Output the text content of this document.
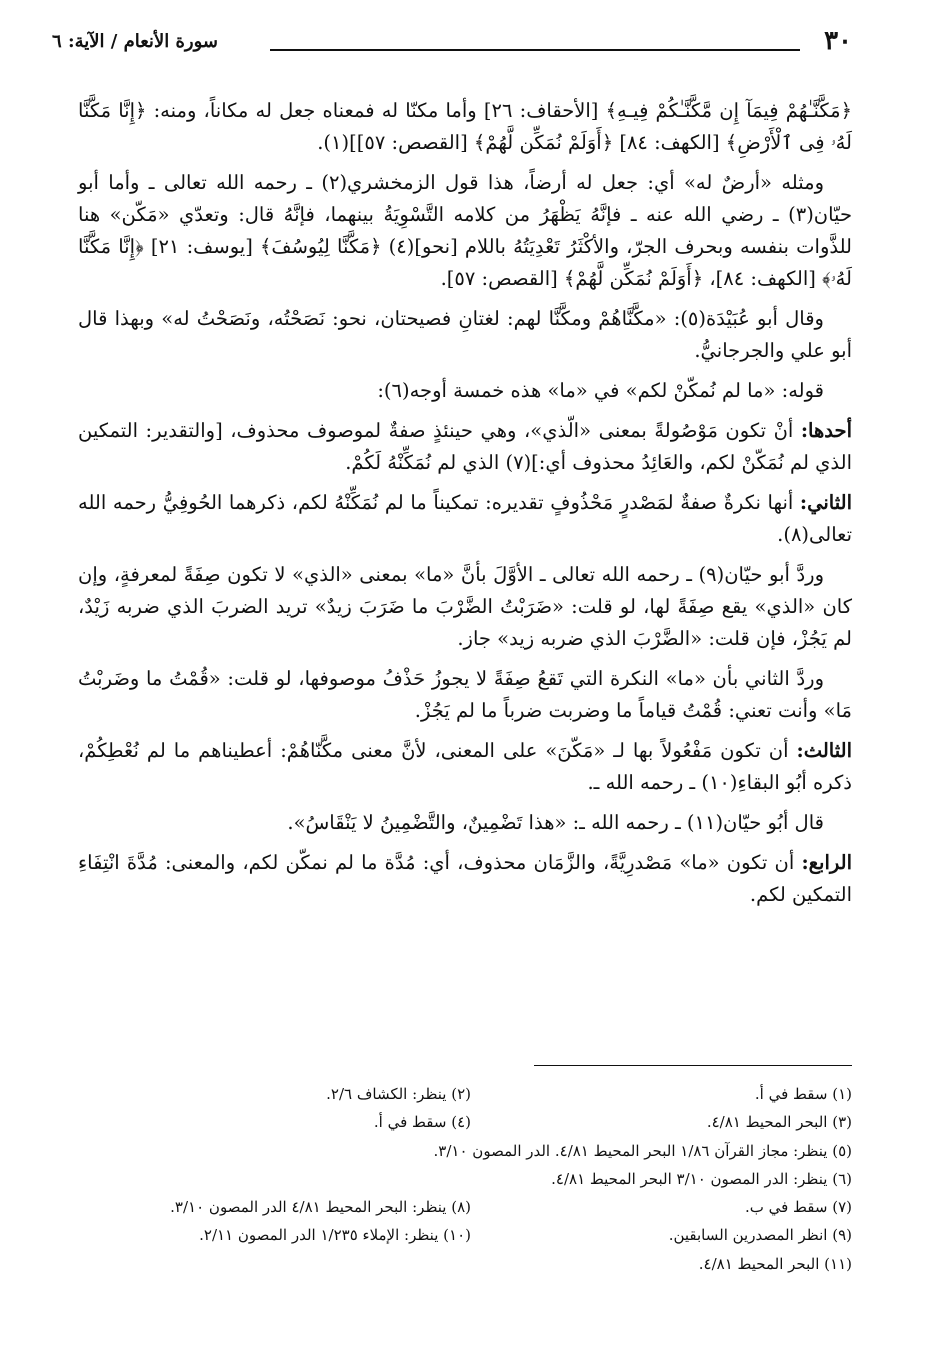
٣٠
سورة الأنعام / الآية: ٦

﴿مَكَّنَّـٰهُمْ فِيمَآ إِن مَّكَّنَّـٰكُمْ فِيـهِ﴾ [الأحقاف: ٢٦] وأما مكنّا له فمعناه جعل له مكاناً، ومنه: ﴿إِنَّا مَكَّنَّا لَهُۥ فِى ٱلْأَرْضِ﴾ [الكهف: ٨٤] ﴿أَوَلَمْ نُمَكِّن لَّهُمْ﴾ [القصص: ٥٧]](١).

ومثله «أرضٌ له» أي: جعل له أرضاً، هذا قول الزمخشري(٢) ـ رحمه الله تعالى ـ وأما أبو حيّان(٣) ـ رضي الله عنه ـ فإنَّهُ يَظْهَرُ من كلامه التَّسْوِيَةُ بينهما، فإنَّهُ قال: وتعدّي «مَكّن» هنا للذَّوات بنفسه وبحرف الجرّ، والأكْثَرُ تَعْدِيَتُهُ باللام [نحو](٤) ﴿مَكَّنَّا لِيُوسُفَ﴾ [يوسف: ٢١] ﴿إِنَّا مَكَّنَّا لَهُۥ﴾ [الكهف: ٨٤]، ﴿أَوَلَمْ نُمَكِّن لَّهُمْ﴾ [القصص: ٥٧].

وقال أبو عُبَيْدَة(٥): «مكَّنَّاهُمْ ومكَّنَّا لهم: لغتانِ فصيحتان، نحو: نَصَحْتُه، ونَصَحْتُ له» وبهذا قال أبو علي والجرجانيُّ.

قوله: «ما لم نُمكّنْ لكم» في «ما» هذه خمسة أوجه(٦):

أحدها: أنْ تكون مَوْصُولةً بمعنى «الّذي»، وهي حينئذٍ صفةٌ لموصوف محذوف، [والتقدير: التمكين الذي لم نُمَكّنْ لكم، والعَائِدُ محذوف أي:](٧) الذي لم نُمَكِّنْهُ لَكُمْ.

الثاني: أنها نكرةٌ صفةٌ لمَصْدرٍ مَحْذُوفٍ تقديره: تمكيناً ما لم نُمَكِّنْهُ لكم، ذكرهما الحُوفِيُّ رحمه الله تعالى(٨).

وردَّ أبو حيّان(٩) ـ رحمه الله تعالى ـ الأوَّلَ بأنَّ «ما» بمعنى «الذي» لا تكون صِفَةً لمعرفةٍ، وإن كان «الذي» يقع صِفَةً لها، لو قلت: «ضَرَبْتُ الضَّرْبَ ما ضَرَبَ زيدٌ» تريد الضربَ الذي ضربه زَيْدٌ، لم يَجُزْ، فإن قلت: «الضَّرْبَ الذي ضربه زيد» جاز.

وردَّ الثاني بأن «ما» النكرة التي تَقعُ صِفَةً لا يجوزُ حَذْفُ موصوفها، لو قلت: «قُمْتُ ما وضَربْتُ مَا» وأنت تعني: قُمْتُ قياماً ما وضربت ضرباً ما لم يَجُزْ.

الثالث: أن تكون مَفْعُولاً بها لـ «مَكّنَ» على المعنى، لأنَّ معنى مكَّنّاهُمْ: أعطيناهم ما لم نُعْطِكُمْ، ذكره أبُو البقاءِ(١٠) ـ رحمه الله ـ.

قال أبُو حيّان(١١) ـ رحمه الله ـ: «هذا تَضْمِينٌ، والتَّضْمِينُ لا يَنْقَاسُ».

الرابع: أن تكون «ما» مَصْدرِيَّةً، والزَّمَان محذوف، أي: مُدَّة ما لم نمكّن لكم، والمعنى: مُدَّةَ انْتِفَاءِ التمكين لكم.

(١) سقط في أ.
(٢) ينظر: الكشاف ٢/٦.
(٣) البحر المحيط ٤/٨١.
(٤) سقط في أ.
(٥) ينظر: مجاز القرآن ١/٨٦ البحر المحيط ٤/٨١. الدر المصون ٣/١٠.
(٦) ينظر: الدر المصون ٣/١٠ البحر المحيط ٤/٨١.
(٧) سقط في ب.
(٨) ينظر: البحر المحيط ٤/٨١ الدر المصون ٣/١٠.
(٩) انظر المصدرين السابقين.
(١٠) ينظر: الإملاء ١/٢٣٥ الدر المصون ٢/١١.
(١١) البحر المحيط ٤/٨١.
